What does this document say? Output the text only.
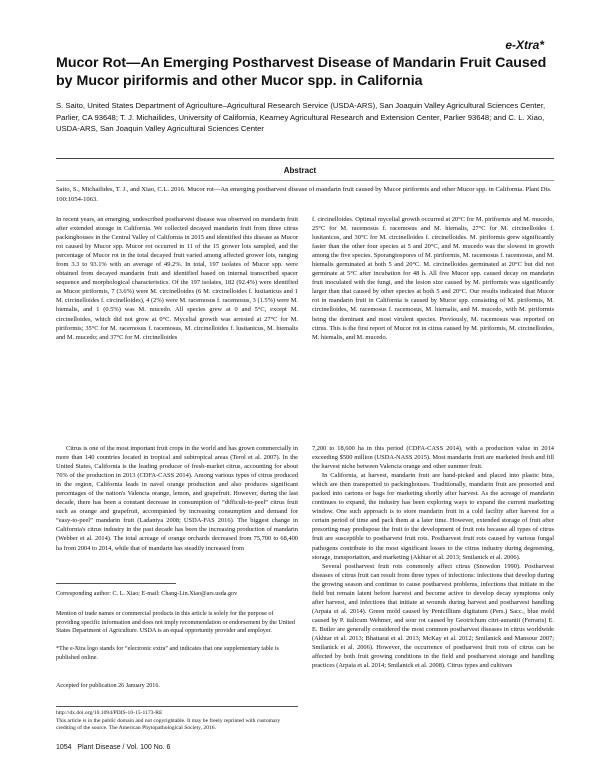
e-Xtra*
Mucor Rot—An Emerging Postharvest Disease of Mandarin Fruit Caused by Mucor piriformis and other Mucor spp. in California
S. Saito, United States Department of Agriculture–Agricultural Research Service (USDA-ARS), San Joaquin Valley Agricultural Sciences Center, Parlier, CA 93648; T. J. Michailides, University of California, Kearney Agricultural Research and Extension Center, Parlier 93648; and C. L. Xiao, USDA-ARS, San Joaquin Valley Agricultural Sciences Center
Abstract
Saito, S., Michailides, T. J., and Xiao, C.L. 2016. Mucor rot—An emerging postharvest disease of mandarin fruit caused by Mucor piriformis and other Mucor spp. in California. Plant Dis. 100:1054-1063.
In recent years, an emerging, undescribed postharvest disease was observed on mandarin fruit after extended storage in California. We collected decayed mandarin fruit from three citrus packinghouses in the Central Valley of California in 2015 and identified this disease as Mucor rot caused by Mucor spp. Mucor rot occurred in 11 of the 15 grower lots sampled, and the percentage of Mucor rot in the total decayed fruit varied among affected grower lots, ranging from 3.3 to 93.1% with an average of 49.2%. In total, 197 isolates of Mucor spp. were obtained from decayed mandarin fruit and identified based on internal transcribed spacer sequence and morphological characteristics. Of the 197 isolates, 182 (92.4%) were identified as Mucor piriformis, 7 (3.6%) were M. circinelloides (6 M. circinelloides f. lusitanicus and 1 M. circinelloides f. circinelloides), 4 (2%) were M. racemosus f. racemosus, 3 (1.5%) were M. hiemalis, and 1 (0.5%) was M. mucedo. All species grew at 0 and 5°C, except M. circinelloides, which did not grow at 0°C. Mycelial growth was arrested at 27°C for M. piriformis; 35°C for M. racemosus f. racemosus, M. circinelloides f. lusitanicus, M. hiemalis and M. mucedo; and 37°C for M. circinelloides
f. circinelloides. Optimal mycelial growth occurred at 20°C for M. piriformis and M. mucedo, 25°C for M. racemosus f. racemosus and M. hiemalis, 27°C for M. circinelloides f. lusitanicus, and 30°C for M. circinelloides f. circinelloides. M. piriformis grew significantly faster than the other four species at 5 and 20°C, and M. mucedo was the slowest in growth among the five species. Sporangiospores of M. piriformis, M. racemosus f. racemosus, and M. hiemalis germinated at both 5 and 20°C. M. circinelloides germinated at 20°C but did not germinate at 5°C after incubation for 48 h. All five Mucor spp. caused decay on mandarin fruit inoculated with the fungi, and the lesion size caused by M. piriformis was significantly larger than that caused by other species at both 5 and 20°C. Our results indicated that Mucor rot in mandarin fruit in California is caused by Mucor spp. consisting of M. piriformis, M. circinelloides, M. racemosus f. racemosus, M. hiemalis, and M. mucedo, with M. piriformis being the dominant and most virulent species. Previously, M. racemosus was reported on citrus. This is the first report of Mucor rot in citrus caused by M. piriformis, M. circinelloides, M. hiemalis, and M. mucedo.

Citrus is one of the most important fruit crops in the world and has grown commercially in more than 140 countries located in tropical and subtropical areas (Terol et al. 2007). In the United States, California is the leading producer of fresh-market citrus, accounting for about 76% of the production in 2013 (CDFA-CASS 2014). Among various types of citrus produced in the region, California leads in navel orange production and also produces significant percentages of the nation's Valencia orange, lemon, and grapefruit. However, during the last decade, there has been a constant decrease in consumption of “difficult-to-peel” citrus fruit such as orange and grapefruit, accompanied by increasing consumption and demand for “easy-to-peel” mandarin fruit (Ladaniya 2008; USDA-FAS 2016). The biggest change in California's citrus industry in the past decade has been the increasing production of mandarin (Webber et al. 2014). The total acreage of orange orchards decreased from 75,700 to 68,400 ha from 2004 to 2014, while that of mandarin has steadily increased from

7,200 to 18,600 ha in this period (CDFA-CASS 2014), with a production value in 2014 exceeding $500 million (USDA-NASS 2015). Most mandarin fruit are marketed fresh and fill the harvest niche between Valencia orange and other summer fruit.

In California, at harvest, mandarin fruit are hand-picked and placed into plastic bins, which are then transported to packinghouses. Traditionally, mandarin fruit are presorted and packed into cartons or bags for marketing shortly after harvest. As the acreage of mandarin continues to expand, the industry has been exploring ways to expand the current marketing window. One such approach is to store mandarin fruit in a cold facility after harvest for a certain period of time and pack them at a later time. However, extended storage of fruit after presorting may predispose the fruit to the development of fruit rots because all types of citrus fruit are susceptible to postharvest fruit rots. Postharvest fruit rots caused by various fungal pathogens contribute to the most significant losses to the citrus industry during degreening, storage, transportation, and marketing (Akhtar et al. 2013; Smilanick et al. 2006).

Several postharvest fruit rots commonly affect citrus (Snowdon 1990). Postharvest diseases of citrus fruit can result from three types of infections: infections that develop during the growing season and continue to cause postharvest problems, infections that initiate in the field but remain latent before harvest and become active to develop decay symptoms only after harvest, and infections that initiate at wounds during harvest and postharvest handling (Arpaia et al. 2014). Green mold caused by Penicillium digitatum (Pers.) Sacc., blue mold caused by P. italicum Wehmer, and sour rot caused by Geotrichum citri-aurantii (Ferraris) E. E. Butler are generally considered the most common postharvest diseases in citrus worldwide (Akhtar et al. 2013; Bhattarai et al. 2013; McKay et al. 2012; Smilanick and Mansour 2007; Smilanick et al. 2006). However, the occurrence of postharvest fruit rots of citrus can be affected by both fruit growing conditions in the field and postharvest storage and handling practices (Arpaia et al. 2014; Smilanick et al. 2008). Citrus types and cultivars

Corresponding author: C. L. Xiao; E-mail: Chang-Lin.Xiao@ars.usda.gov
Mention of trade names or commercial products in this article is solely for the purpose of providing specific information and does not imply recommendation or endorsement by the United States Department of Agriculture. USDA is an equal opportunity provider and employer.
*The e-Xtra logo stands for “electronic extra” and indicates that one supplementary table is published online.
Accepted for publication 26 January 2016.
http://dx.doi.org/10.1094/PDIS-10-15-1173-RE
This article is in the public domain and not copyrightable. It may be freely reprinted with customary crediting of the source. The American Phytopathological Society, 2016.
1054 Plant Disease / Vol. 100 No. 6
